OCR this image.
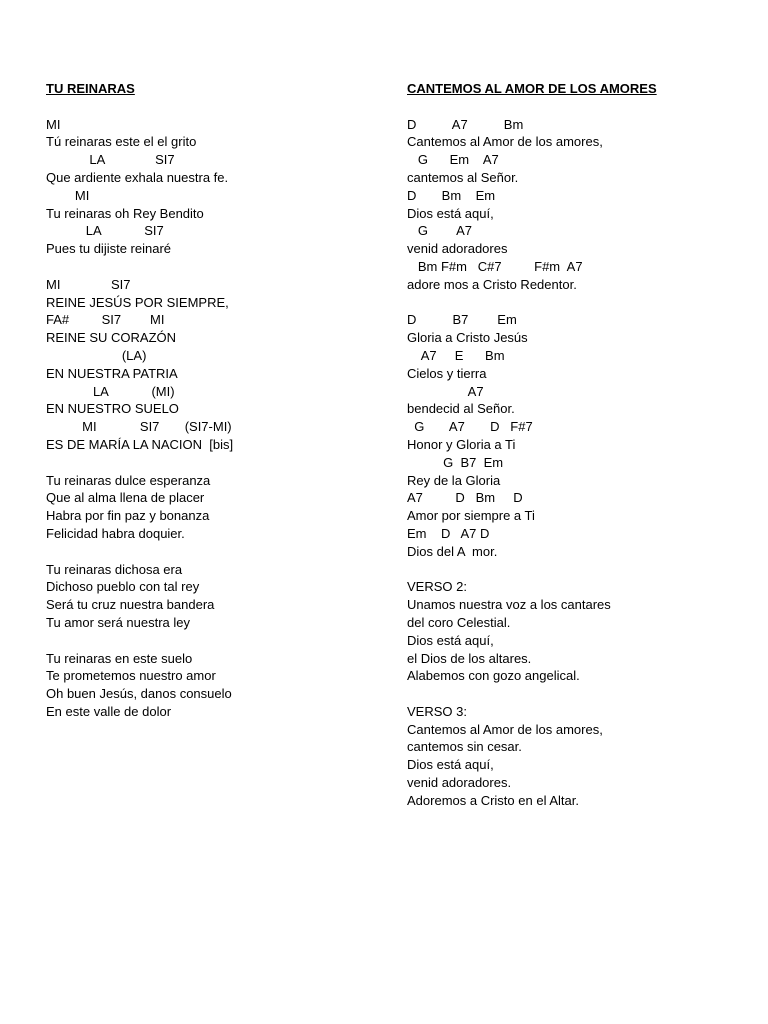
TU REINARAS
MI
Tú reinaras este el el grito
LA              SI7
Que ardiente exhala nuestra fe.
MI
Tu reinaras oh Rey Bendito
LA            SI7
Pues tu dijiste reinaré
MI              SI7
REINE JESÚS POR SIEMPRE,
FA#         SI7        MI
REINE SU CORAZÓN
(LA)
EN NUESTRA PATRIA
LA            (MI)
EN NUESTRO SUELO
MI            SI7       (SI7-MI)
ES DE MARÍA LA NACION  [bis]
Tu reinaras dulce esperanza
Que al alma llena de placer
Habra por fin paz y bonanza
Felicidad habra doquier.
Tu reinaras dichosa era
Dichoso pueblo con tal rey
Será tu cruz nuestra bandera
Tu amor será nuestra ley
Tu reinaras en este suelo
Te prometemos nuestro amor
Oh buen Jesús, danos consuelo
En este valle de dolor
CANTEMOS AL AMOR DE LOS AMORES
D          A7          Bm
Cantemos al Amor de los amores,
G      Em    A7
cantemos al Señor.
D       Bm    Em
Dios está aquí,
G        A7
venid adoradores
Bm F#m   C#7         F#m  A7
adore mos a Cristo Redentor.
D          B7        Em
Gloria a Cristo Jesús
A7     E      Bm
Cielos y tierra
A7
bendecid al Señor.
G       A7       D   F#7
Honor y Gloria a Ti
G  B7  Em
Rey de la Gloria
A7         D   Bm     D
Amor por siempre a Ti
Em    D   A7 D
Dios del A  mor.
VERSO 2:
Unamos nuestra voz a los cantares
del coro Celestial.
Dios está aquí,
el Dios de los altares.
Alabemos con gozo angelical.
VERSO 3:
Cantemos al Amor de los amores,
cantemos sin cesar.
Dios está aquí,
venid adoradores.
Adoremos a Cristo en el Altar.
